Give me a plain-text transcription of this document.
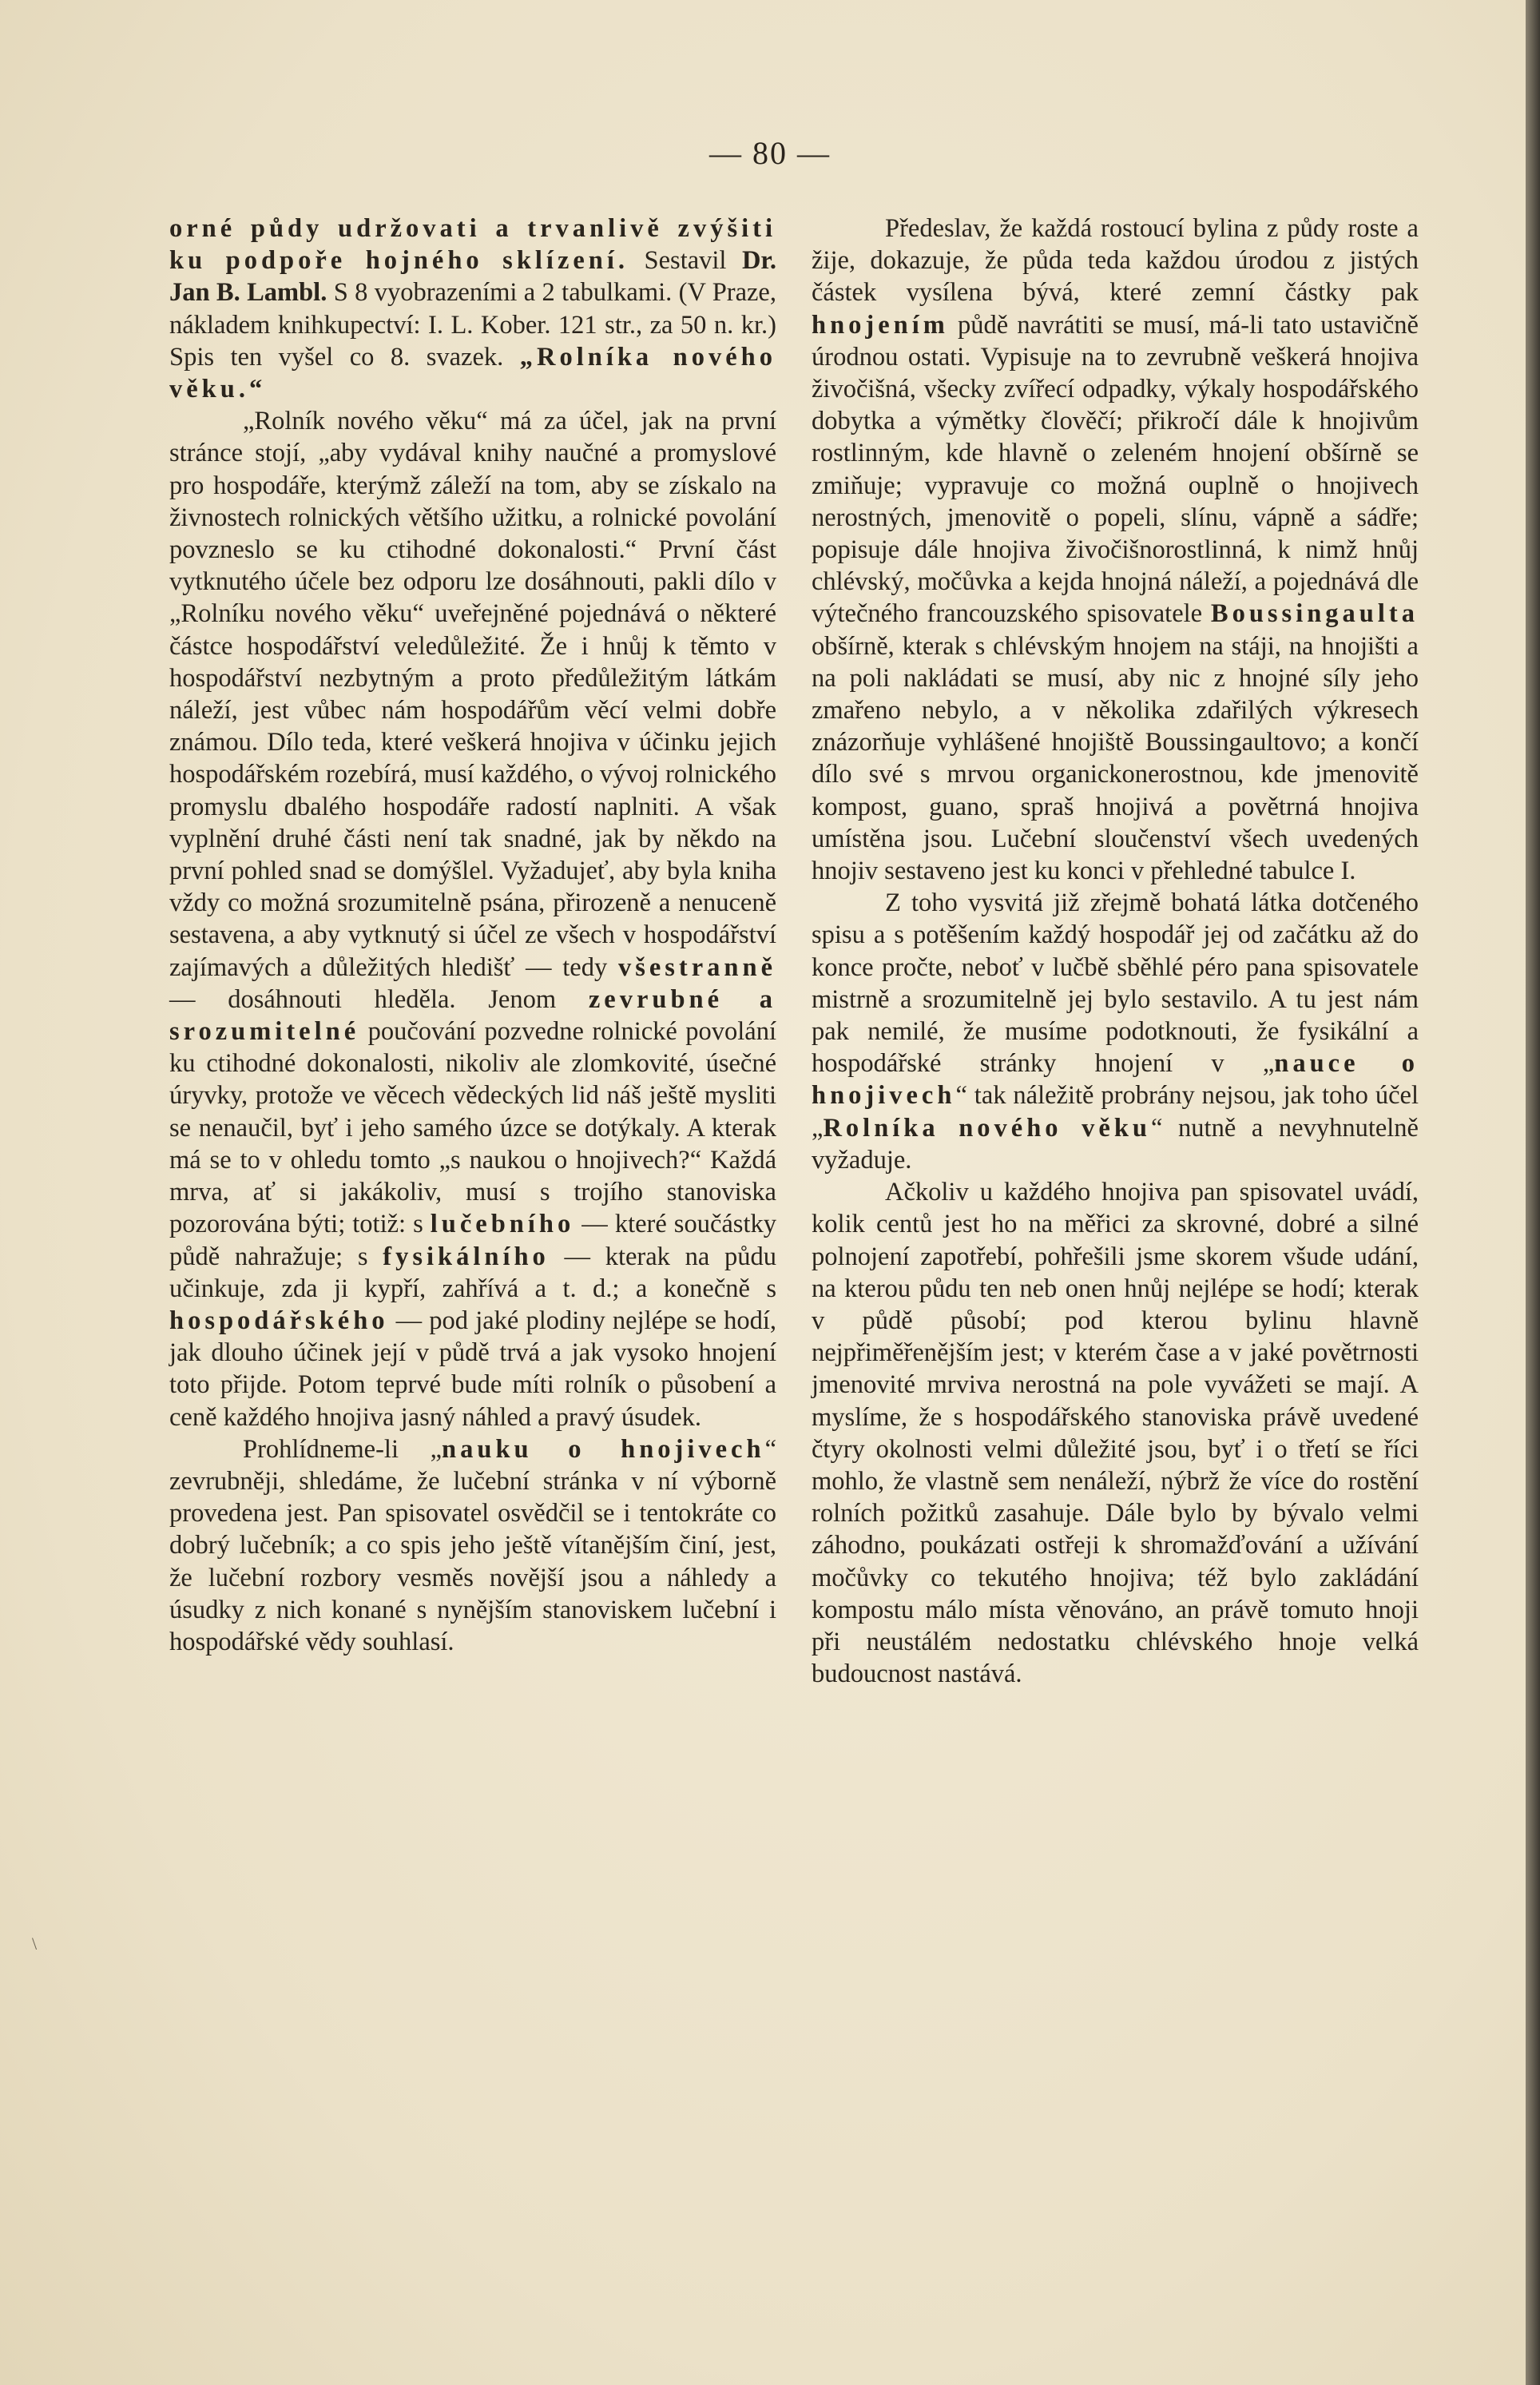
— 80 —

orné půdy udržovati a trvanlivě zvýšiti ku podpoře hojného sklízení. Sestavil Dr. Jan B. Lambl. S 8 vyobrazeními a 2 tabulkami. (V Praze, nákladem knihkupectví: I. L. Kober. 121 str., za 50 n. kr.) Spis ten vyšel co 8. svazek. „Rolníka nového věku.“

„Rolník nového věku“ má za účel, jak na první stránce stojí, „aby vydával knihy naučné a promyslové pro hospodáře, kterýmž záleží na tom, aby se získalo na živnostech rolnických většího užitku, a rolnické povolání povzneslo se ku ctihodné dokonalosti.“ První část vytknutého účele bez odporu lze dosáhnouti, pakli dílo v „Rolníku nového věku“ uveřejněné pojednává o některé částce hospodářství veledůležité. Že i hnůj k těmto v hospodářství nezbytným a proto předůležitým látkám náleží, jest vůbec nám hospodářům věcí velmi dobře známou. Dílo teda, které veškerá hnojiva v účinku jejich hospodářském rozebírá, musí každého, o vývoj rolnického promyslu dbalého hospodáře radostí naplniti. A však vyplnění druhé části není tak snadné, jak by někdo na první pohled snad se domýšlel. Vyžadujeť, aby byla kniha vždy co možná srozumitelně psána, přirozeně a nenuceně sestavena, a aby vytknutý si účel ze všech v hospodářství zajímavých a důležitých hledišť — tedy všestranně — dosáhnouti hleděla. Jenom zevrubné a srozumitelné poučování pozvedne rolnické povolání ku ctihodné dokonalosti, nikoliv ale zlomkovité, úsečné úryvky, protože ve věcech vědeckých lid náš ještě mysliti se nenaučil, byť i jeho samého úzce se dotýkaly. A kterak má se to v ohledu tomto „s naukou o hnojivech?“ Každá mrva, ať si jakákoliv, musí s trojího stanoviska pozorována býti; totiž: s lučebního — které součástky půdě nahražuje; s fysikálního — kterak na půdu učinkuje, zda ji kypří, zahřívá a t. d.; a konečně s hospodářského — pod jaké plodiny nejlépe se hodí, jak dlouho účinek její v půdě trvá a jak vysoko hnojení toto přijde. Potom teprvé bude míti rolník o působení a ceně každého hnojiva jasný náhled a pravý úsudek.

Prohlídneme-li „nauku o hnojivech“ zevrubněji, shledáme, že lučební stránka v ní výborně provedena jest. Pan spisovatel osvědčil se i tentokráte co dobrý lučebník; a co spis jeho ještě vítanějším činí, jest, že lučební rozbory vesměs novější jsou a náhledy a úsudky z nich konané s nynějším stanoviskem lučební i hospodářské vědy souhlasí.

Předeslav, že každá rostoucí bylina z půdy roste a žije, dokazuje, že půda teda každou úrodou z jistých částek vysílena bývá, které zemní částky pak hnojením půdě navrátiti se musí, má-li tato ustavičně úrodnou ostati. Vypisuje na to zevrubně veškerá hnojiva živočišná, všecky zvířecí odpadky, výkaly hospodářského dobytka a výmětky člověčí; přikročí dále k hnojivům rostlinným, kde hlavně o zeleném hnojení obšírně se zmiňuje; vypravuje co možná ouplně o hnojivech nerostných, jmenovitě o popeli, slínu, vápně a sádře; popisuje dále hnojiva živočišnorostlinná, k nimž hnůj chlévský, močůvka a kejda hnojná náleží, a pojednává dle výtečného francouzského spisovatele Boussingaulta obšírně, kterak s chlévským hnojem na stáji, na hnojišti a na poli nakládati se musí, aby nic z hnojné síly jeho zmařeno nebylo, a v několika zdařilých výkresech znázorňuje vyhlášené hnojiště Boussingaultovo; a končí dílo své s mrvou organickonerostnou, kde jmenovitě kompost, guano, spraš hnojivá a povětrná hnojiva umístěna jsou. Lučební sloučenství všech uvedených hnojiv sestaveno jest ku konci v přehledné tabulce I.

Z toho vysvitá již zřejmě bohatá látka dotčeného spisu a s potěšením každý hospodář jej od začátku až do konce pročte, neboť v lučbě sběhlé péro pana spisovatele mistrně a srozumitelně jej bylo sestavilo. A tu jest nám pak nemilé, že musíme podotknouti, že fysikální a hospodářské stránky hnojení v „nauce o hnojivech“ tak náležitě probrány nejsou, jak toho účel „Rolníka nového věku“ nutně a nevyhnutelně vyžaduje.

Ačkoliv u každého hnojiva pan spisovatel uvádí, kolik centů jest ho na měřici za skrovné, dobré a silné polnojení zapotřebí, pohřešili jsme skorem všude udání, na kterou půdu ten neb onen hnůj nejlépe se hodí; kterak v půdě působí; pod kterou bylinu hlavně nejpřiměřenějším jest; v kterém čase a v jaké povětrnosti jmenovité mrviva nerostná na pole vyvážeti se mají. A myslíme, že s hospodářského stanoviska právě uvedené čtyry okolnosti velmi důležité jsou, byť i o třetí se říci mohlo, že vlastně sem nenáleží, nýbrž že více do rostění rolních požitků zasahuje. Dále bylo by bývalo velmi záhodno, poukázati ostřeji k shromažďování a užívání močůvky co tekutého hnojiva; též bylo zakládání kompostu málo místa věnováno, an právě tomuto hnoji při neustálém nedostatku chlévského hnoje velká budoucnost nastává.

\
